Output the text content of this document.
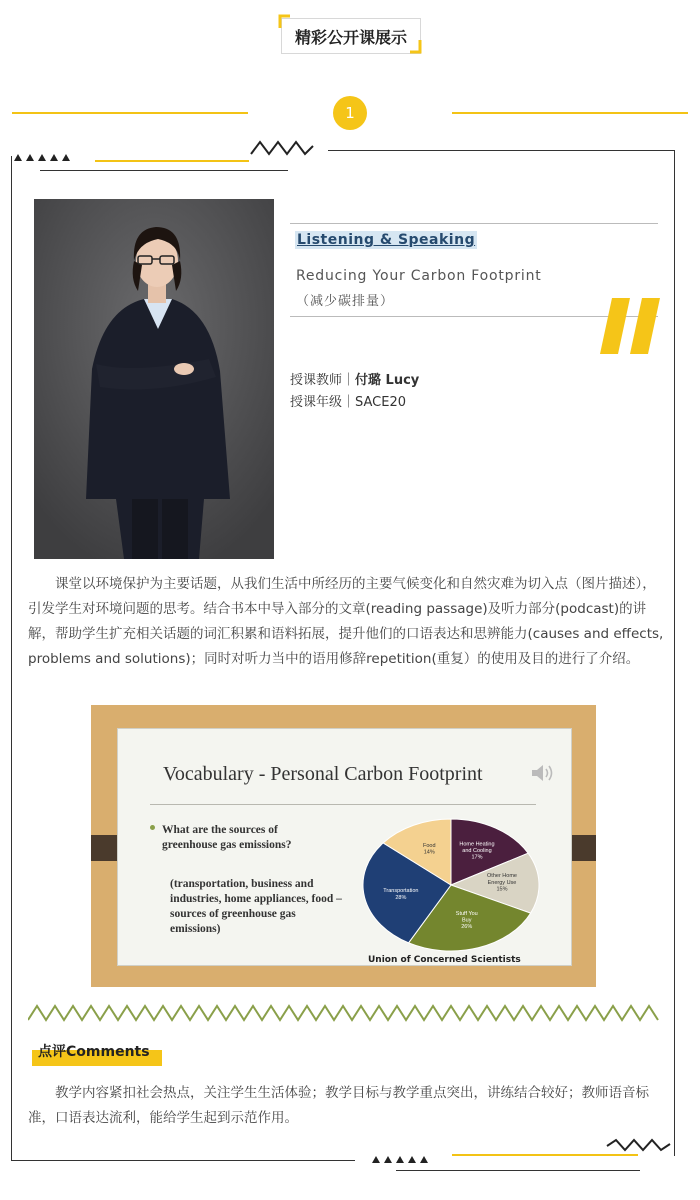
精彩公开课展示
1
Listening & Speaking
Reducing Your Carbon Footprint
（减少碳排量）
授课教师｜付璐 Lucy
授课年级｜SACE20

课堂以环境保护为主要话题，从我们生活中所经历的主要气候变化和自然灾难为切入点（图片描述），引发学生对环境问题的思考。结合书本中导入部分的文章(reading passage)及听力部分(podcast)的讲解，帮助学生扩充相关话题的词汇积累和语料拓展，提升他们的口语表达和思辨能力(causes and effects, problems and solutions)；同时对听力当中的语用修辞repetition(重复）的使用及目的进行了介绍。

Vocabulary - Personal Carbon Footprint
What are the sources of greenhouse gas emissions?
(transportation, business and industries, home appliances, food – sources of greenhouse gas emissions)
Home Heating and Cooling 17%
Other Home Energy Use 15%
Stuff You Buy 26%
Transportation 28%
Food 14%
Union of Concerned Scientists
点评Comments

教学内容紧扣社会热点，关注学生生活体验；教学目标与教学重点突出，讲练结合较好；教师语音标准，口语表达流利，能给学生起到示范作用。
